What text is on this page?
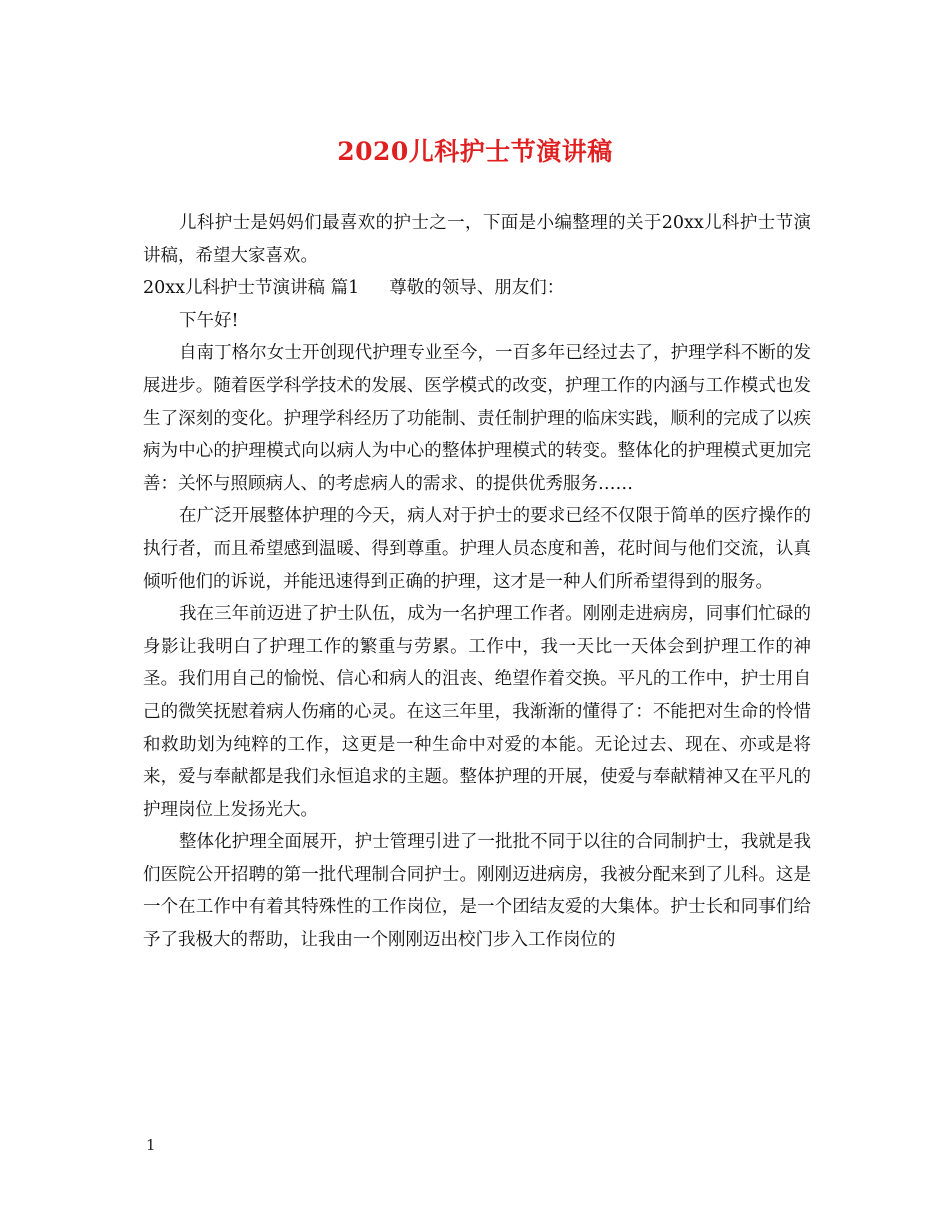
2020儿科护士节演讲稿

儿科护士是妈妈们最喜欢的护士之一，下面是小编整理的关于20xx儿科护士节演讲稿，希望大家喜欢。

20xx儿科护士节演讲稿 篇1 尊敬的领导、朋友们：

下午好!

自南丁格尔女士开创现代护理专业至今，一百多年已经过去了，护理学科不断的发展进步。随着医学科学技术的发展、医学模式的改变，护理工作的内涵与工作模式也发生了深刻的变化。护理学科经历了功能制、责任制护理的临床实践，顺利的完成了以疾病为中心的护理模式向以病人为中心的整体护理模式的转变。整体化的护理模式更加完善：关怀与照顾病人、的考虑病人的需求、的提供优秀服务……

在广泛开展整体护理的今天，病人对于护士的要求已经不仅限于简单的医疗操作的执行者，而且希望感到温暖、得到尊重。护理人员态度和善，花时间与他们交流，认真倾听他们的诉说，并能迅速得到正确的护理，这才是一种人们所希望得到的服务。

我在三年前迈进了护士队伍，成为一名护理工作者。刚刚走进病房，同事们忙碌的身影让我明白了护理工作的繁重与劳累。工作中，我一天比一天体会到护理工作的神圣。我们用自己的愉悦、信心和病人的沮丧、绝望作着交换。平凡的工作中，护士用自己的微笑抚慰着病人伤痛的心灵。在这三年里，我渐渐的懂得了：不能把对生命的怜惜和救助划为纯粹的工作，这更是一种生命中对爱的本能。无论过去、现在、亦或是将来，爱与奉献都是我们永恒追求的主题。整体护理的开展，使爱与奉献精神又在平凡的护理岗位上发扬光大。

整体化护理全面展开，护士管理引进了一批批不同于以往的合同制护士，我就是我们医院公开招聘的第一批代理制合同护士。刚刚迈进病房，我被分配来到了儿科。这是一个在工作中有着其特殊性的工作岗位，是一个团结友爱的大集体。护士长和同事们给予了我极大的帮助，让我由一个刚刚迈出校门步入工作岗位的

1
